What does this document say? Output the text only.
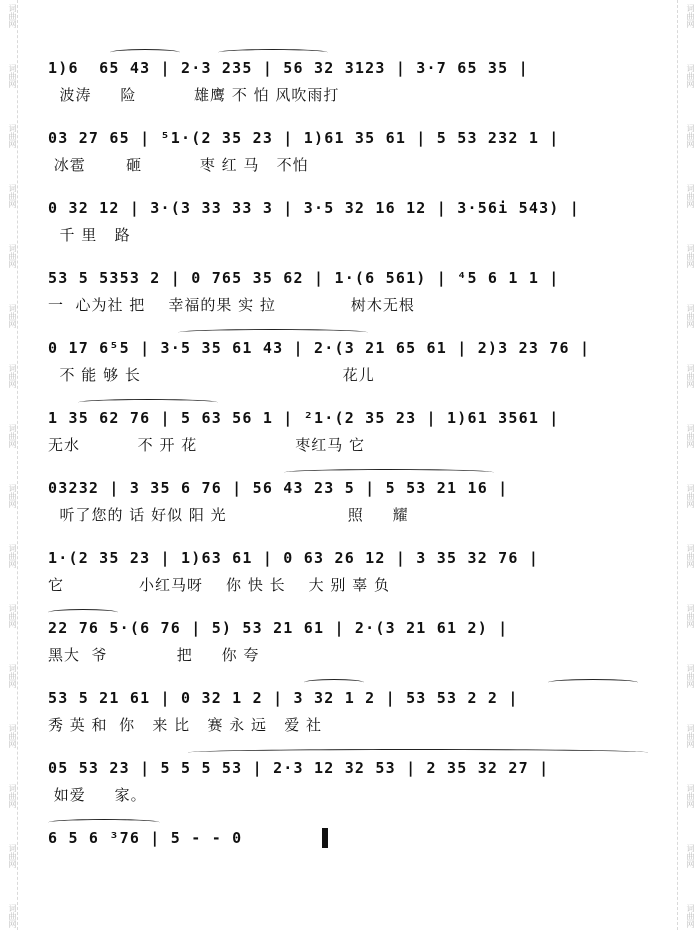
词曲网
词曲网
词曲网
词曲网
词曲网
词曲网
词曲网
词曲网
词曲网
词曲网
词曲网
词曲网
词曲网
词曲网
词曲网
词曲网
词曲网
词曲网
词曲网
词曲网
词曲网
词曲网
词曲网
词曲网
词曲网
词曲网
词曲网
词曲网
词曲网
词曲网
词曲网
词曲网
1)6  65 43 | 2·3 235 | 56 32 3123 | 3·7 65 35 |
波涛     险          雄鹰 不 怕 风吹雨打
03 27 65 | ⁵1·(2 35 23 | 1)61 35 61 | 5 53 232 1 |
冰雹       砸          枣 红 马   不怕
0 32 12 | 3·(3 33 33 3 | 3·5 32 16 12 | 3·56i 543) |
千 里   路
53 5 5353 2 | 0 765 35 62 | 1·(6 561) | ⁴5 6 1 1 |
一  心为社 把    幸福的果 实 拉             树木无根
0 17 6⁵5 | 3·5 35 61 43 | 2·(3 21 65 61 | 2)3 23 76 |
不 能 够 长                                   花儿
1 35 62 76 | 5 63 56 1 | ²1·(2 35 23 | 1)61 3561 |
无水          不 开 花                 枣红马 它
03232 | 3 35 6 76 | 56 43 23 5 | 5 53 21 16 |
听了您的 话 好似 阳 光                     照     耀
1·(2 35 23 | 1)63 61 | 0 63 26 12 | 3 35 32 76 |
它             小红马呀    你 快 长    大 别 辜 负
22 76 5·(6 76 | 5) 53 21 61 | 2·(3 21 61 2) |
黑大  爷            把     你 夸
53 5 21 61 | 0 32 1 2 | 3 32 1 2 | 53 53 2 2 |
秀 英 和  你   来 比   赛 永 远   爱 社
05 53 23 | 5 5 5 53 | 2·3 12 32 53 | 2 35 32 27 |
如爱     家。
6 5 6 ³76 | 5 - - 0
